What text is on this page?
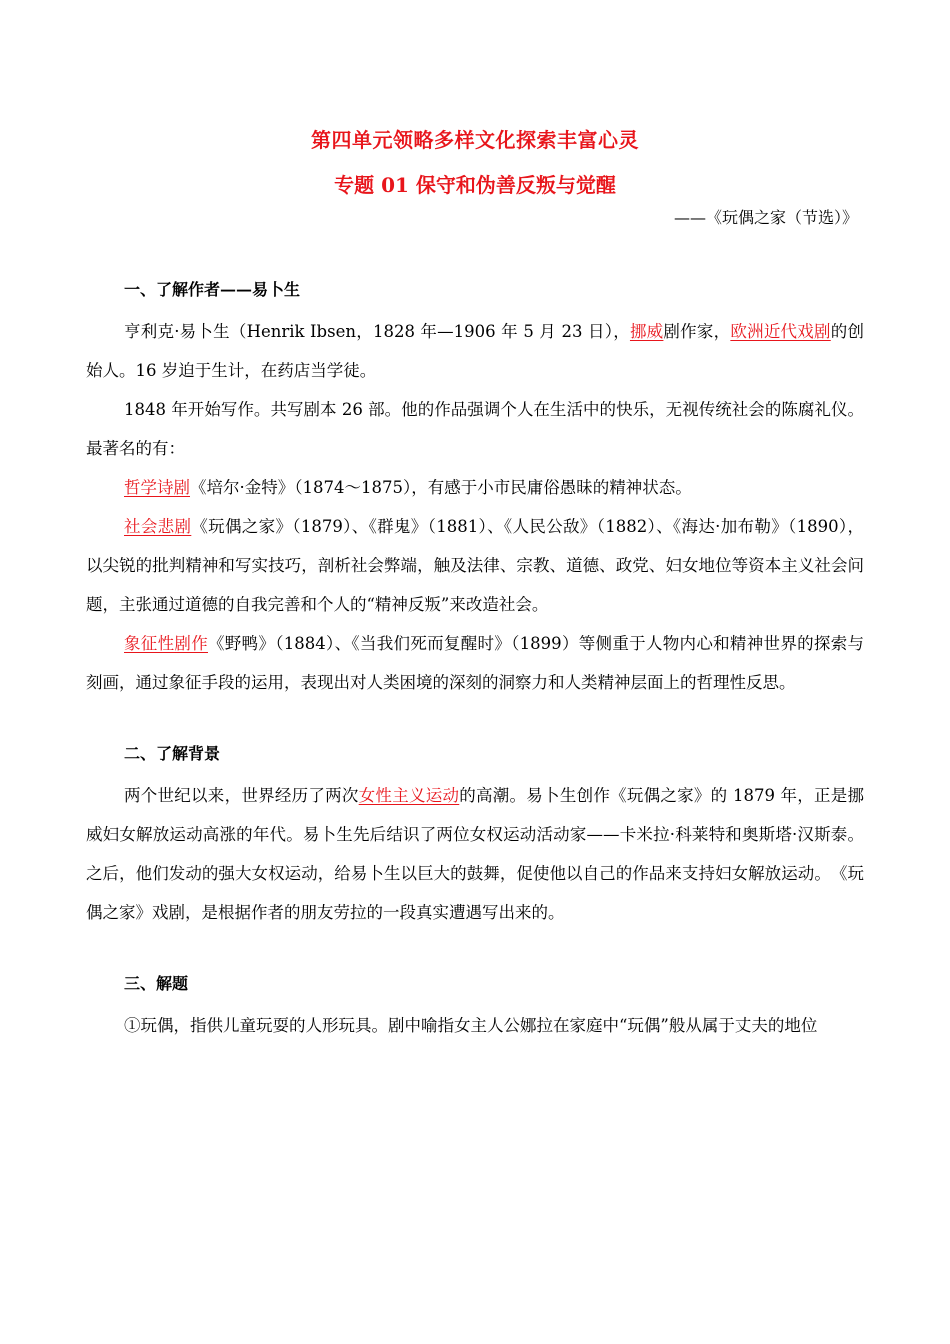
第四单元领略多样文化探索丰富心灵
专题 01 保守和伪善反叛与觉醒
——《玩偶之家（节选）》
一、了解作者——易卜生

亨利克·易卜生（Henrik Ibsen，1828 年—1906 年 5 月 23 日），挪威剧作家，欧洲近代戏剧的创始人。16 岁迫于生计，在药店当学徒。

1848 年开始写作。共写剧本 26 部。他的作品强调个人在生活中的快乐，无视传统社会的陈腐礼仪。最著名的有：

哲学诗剧《培尔·金特》（1874～1875），有感于小市民庸俗愚昧的精神状态。

社会悲剧《玩偶之家》（1879）、《群鬼》（1881）、《人民公敌》（1882）、《海达·加布勒》（1890），以尖锐的批判精神和写实技巧，剖析社会弊端，触及法律、宗教、道德、政党、妇女地位等资本主义社会问题，主张通过道德的自我完善和个人的“精神反叛”来改造社会。

象征性剧作《野鸭》（1884）、《当我们死而复醒时》（1899）等侧重于人物内心和精神世界的探索与刻画，通过象征手段的运用，表现出对人类困境的深刻的洞察力和人类精神层面上的哲理性反思。

二、了解背景

两个世纪以来，世界经历了两次女性主义运动的高潮。易卜生创作《玩偶之家》的 1879 年，正是挪威妇女解放运动高涨的年代。易卜生先后结识了两位女权运动活动家——卡米拉·科莱特和奥斯塔·汉斯泰。之后，他们发动的强大女权运动，给易卜生以巨大的鼓舞，促使他以自己的作品来支持妇女解放运动。　《玩偶之家》戏剧，是根据作者的朋友劳拉的一段真实遭遇写出来的。

三、解题

①玩偶，指供儿童玩耍的人形玩具。剧中喻指女主人公娜拉在家庭中“玩偶”般从属于丈夫的地位
